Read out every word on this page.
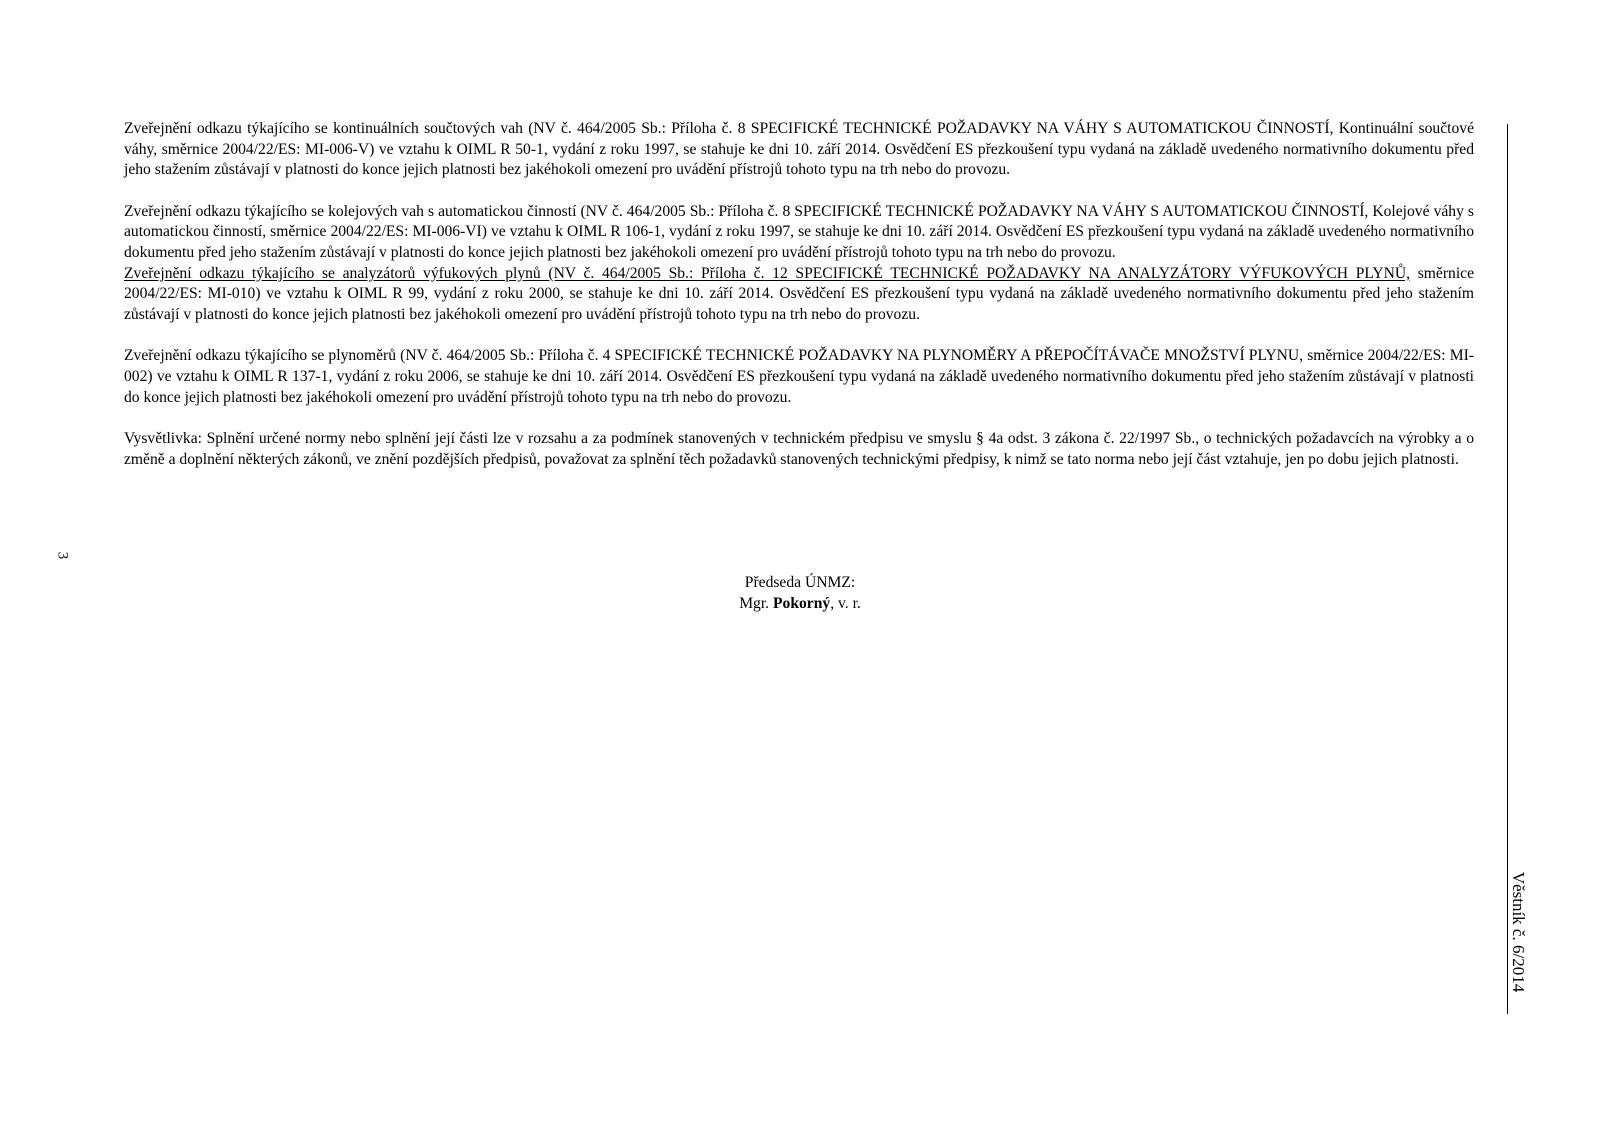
Zveřejnění odkazu týkajícího se kontinuálních součtových vah (NV č. 464/2005 Sb.: Příloha č. 8 SPECIFICKÉ TECHNICKÉ POŽADAVKY NA VÁHY S AUTOMATICKOU ČINNOSTÍ, Kontinuální součtové váhy, směrnice 2004/22/ES: MI-006-V) ve vztahu k OIML R 50-1, vydání z roku 1997, se stahuje ke dni 10. září 2014. Osvědčení ES přezkoušení typu vydaná na základě uvedeného normativního dokumentu před jeho stažením zůstávají v platnosti do konce jejich platnosti bez jakéhokoli omezení pro uvádění přístrojů tohoto typu na trh nebo do provozu.

Zveřejnění odkazu týkajícího se kolejových vah s automatickou činností (NV č. 464/2005 Sb.: Příloha č. 8 SPECIFICKÉ TECHNICKÉ POŽADAVKY NA VÁHY S AUTOMATICKOU ČINNOSTÍ, Kolejové váhy s automatickou činností, směrnice 2004/22/ES: MI-006-VI) ve vztahu k OIML R 106-1, vydání z roku 1997, se stahuje ke dni 10. září 2014. Osvědčení ES přezkoušení typu vydaná na základě uvedeného normativního dokumentu před jeho stažením zůstávají v platnosti do konce jejich platnosti bez jakéhokoli omezení pro uvádění přístrojů tohoto typu na trh nebo do provozu.

Zveřejnění odkazu týkajícího se analyzátorů výfukových plynů (NV č. 464/2005 Sb.: Příloha č. 12 SPECIFICKÉ TECHNICKÉ POŽADAVKY NA ANALYZÁTORY VÝFUKOVÝCH PLYNŮ, směrnice 2004/22/ES: MI-010) ve vztahu k OIML R 99, vydání z roku 2000, se stahuje ke dni 10. září 2014. Osvědčení ES přezkoušení typu vydaná na základě uvedeného normativního dokumentu před jeho stažením zůstávají v platnosti do konce jejich platnosti bez jakéhokoli omezení pro uvádění přístrojů tohoto typu na trh nebo do provozu.

Zveřejnění odkazu týkajícího se plynoměrů (NV č. 464/2005 Sb.: Příloha č. 4 SPECIFICKÉ TECHNICKÉ POŽADAVKY NA PLYNOMĚRY A PŘEPOČÍTÁVAČE MNOŽSTVÍ PLYNU, směrnice 2004/22/ES: MI-002) ve vztahu k OIML R 137-1, vydání z roku 2006, se stahuje ke dni 10. září 2014. Osvědčení ES přezkoušení typu vydaná na základě uvedeného normativního dokumentu před jeho stažením zůstávají v platnosti do konce jejich platnosti bez jakéhokoli omezení pro uvádění přístrojů tohoto typu na trh nebo do provozu.

Vysvětlivka: Splnění určené normy nebo splnění její části lze v rozsahu a za podmínek stanovených v technickém předpisu ve smyslu § 4a odst. 3 zákona č. 22/1997 Sb., o technických požadavcích na výrobky a o změně a doplnění některých zákonů, ve znění pozdějších předpisů, považovat za splnění těch požadavků stanovených technickými předpisy, k nimž se tato norma nebo její část vztahuje, jen po dobu jejich platnosti.

Předseda ÚNMZ:
Mgr. Pokorný, v. r.
3
Věstník č. 6/2014
